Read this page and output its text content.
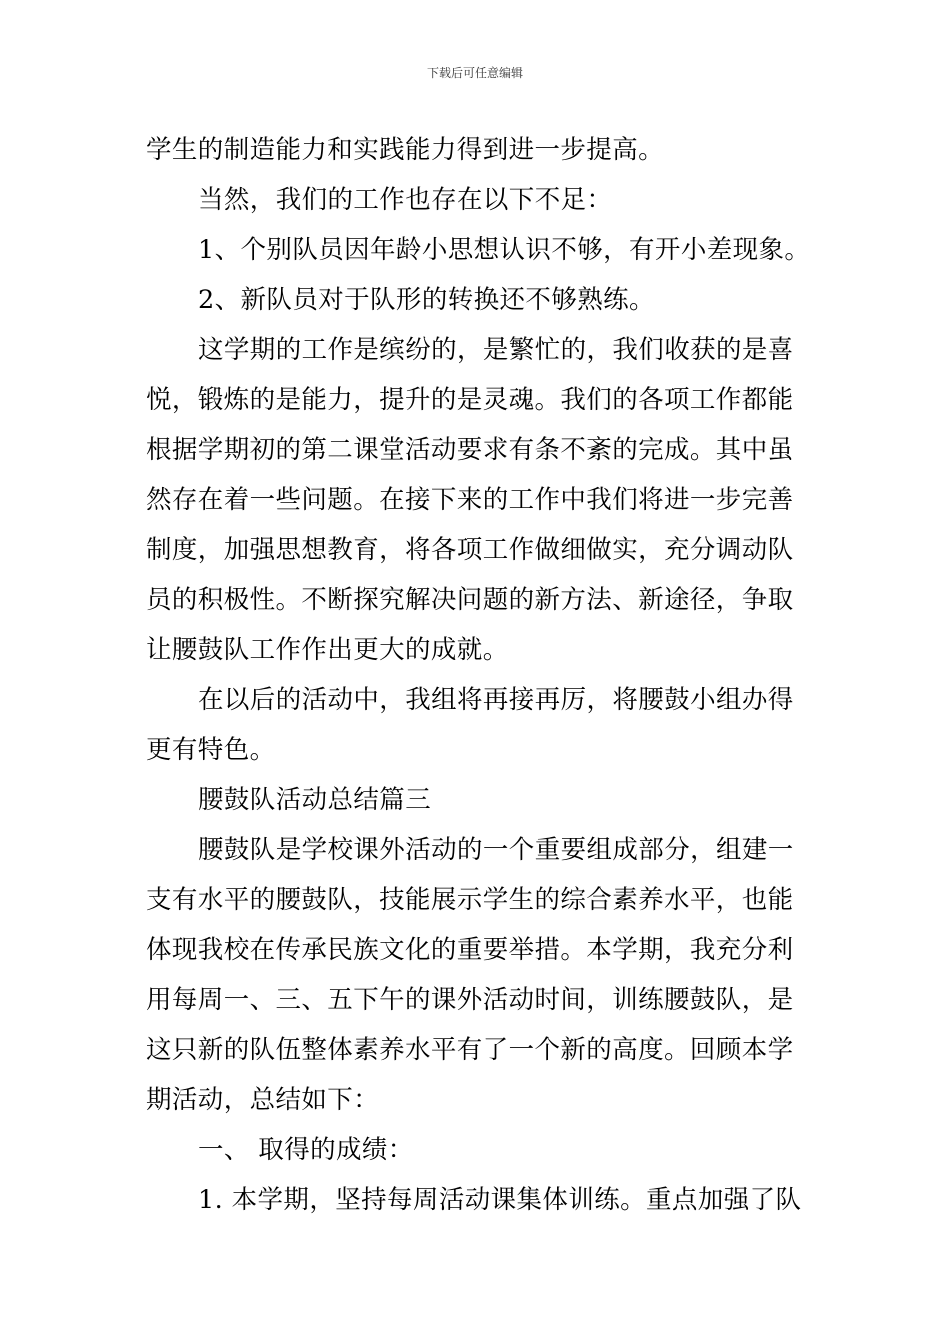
下载后可任意编辑
学生的制造能力和实践能力得到进一步提高。
当然，我们的工作也存在以下不足：
1、个别队员因年龄小思想认识不够，有开小差现象。
2、新队员对于队形的转换还不够熟练。
这学期的工作是缤纷的，是繁忙的，我们收获的是喜
悦，锻炼的是能力，提升的是灵魂。我们的各项工作都能
根据学期初的第二课堂活动要求有条不紊的完成。其中虽
然存在着一些问题。在接下来的工作中我们将进一步完善
制度，加强思想教育，将各项工作做细做实，充分调动队
员的积极性。不断探究解决问题的新方法、新途径，争取
让腰鼓队工作作出更大的成就。
在以后的活动中，我组将再接再厉，将腰鼓小组办得
更有特色。
腰鼓队活动总结篇三
腰鼓队是学校课外活动的一个重要组成部分，组建一
支有水平的腰鼓队，技能展示学生的综合素养水平，也能
体现我校在传承民族文化的重要举措。本学期，我充分利
用每周一、三、五下午的课外活动时间，训练腰鼓队，是
这只新的队伍整体素养水平有了一个新的高度。回顾本学
期活动，总结如下：
一、 取得的成绩：
1. 本学期，坚持每周活动课集体训练。重点加强了队
